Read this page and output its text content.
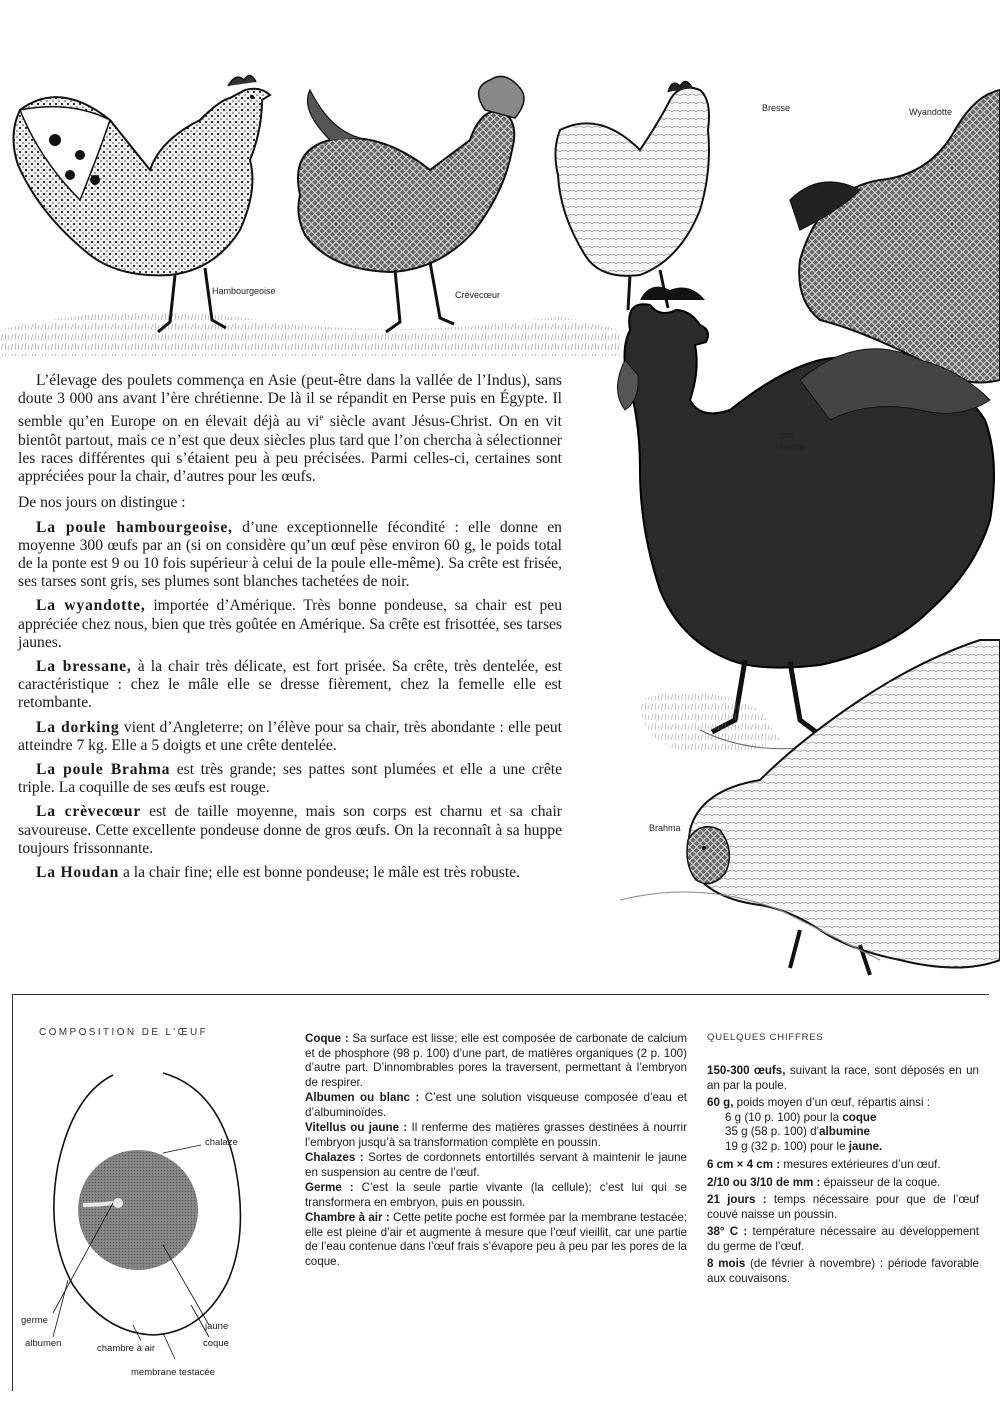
Hambourgeoise	Crèvecœur
Bresse	Wyandotte
coq
Houdan
Brahma

L’élevage des poulets commença en Asie (peut-être dans la vallée de l’Indus), sans doute 3 000 ans avant l’ère chrétienne. De là il se répandit en Perse puis en Égypte. Il semble qu’en Europe on en élevait déjà au $vi^e$ siècle avant Jésus-Christ. On en vit bientôt partout, mais ce n’est que deux siècles plus tard que l’on chercha à sélectionner les races différentes qui s’étaient peu à peu précisées. Parmi celles-ci, certaines sont appréciées pour la chair, d’autres pour les œufs.

De nos jours on distingue :

La poule hambourgeoise, d’une exceptionnelle fécondité : elle donne en moyenne 300 œufs par an (si on considère qu’un œuf pèse environ 60 g, le poids total de la ponte est 9 ou 10 fois supérieur à celui de la poule elle-même). Sa crête est frisée, ses tarses sont gris, ses plumes sont blanches tachetées de noir.

La wyandotte, importée d’Amérique. Très bonne pondeuse, sa chair est peu appréciée chez nous, bien que très goûtée en Amérique. Sa crête est frisottée, ses tarses jaunes.

La bressane, à la chair très délicate, est fort prisée. Sa crête, très dentelée, est caractéristique : chez le mâle elle se dresse fièrement, chez la femelle elle est retombante.

La dorking vient d’Angleterre; on l’élève pour sa chair, très abondante : elle peut atteindre 7 kg. Elle a 5 doigts et une crête dentelée.

La poule Brahma est très grande; ses pattes sont plumées et elle a une crête triple. La coquille de ses œufs est rouge.

La crèvecœur est de taille moyenne, mais son corps est charnu et sa chair savoureuse. Cette excellente pondeuse donne de gros œufs. On la reconnaît à sa huppe toujours frissonnante.

La Houdan a la chair fine; elle est bonne pondeuse; le mâle est très robuste.

COMPOSITION DE L’ŒUF
chalaze
germe
albumen	chambre à air
jaune
coque
membrane testacée

Coque : Sa surface est lisse; elle est composée de carbonate de calcium et de phosphore (98 p. 100) d’une part, de matières organiques (2 p. 100) d’autre part. D’innombrables pores la traversent, permettant à l’embryon de respirer.

Albumen ou blanc : C’est une solution visqueuse composée d’eau et d’albuminoïdes.

Vitellus ou jaune : Il renferme des matières grasses destinées à nourrir l’embryon jusqu’à sa transformation complète en poussin.

Chalazes : Sortes de cordonnets entortillés servant à maintenir le jaune en suspension au centre de l’œuf.

Germe : C’est la seule partie vivante (la cellule); c’est lui qui se transformera en embryon, puis en poussin.

Chambre à air : Cette petite poche est formée par la membrane testacée; elle est pleine d’air et augmente à mesure que l’œuf vieillit, car une partie de l’eau contenue dans l’œuf frais s’évapore peu à peu par les pores de la coque.

QUELQUES CHIFFRES

150-300 œufs, suivant la race, sont déposés en un an par la poule.

60 g, poids moyen d’un œuf, répartis ainsi :

6 g (10 p. 100) pour la coque

35 g (58 p. 100) d’albumine

19 g (32 p. 100) pour le jaune.

6 cm × 4 cm : mesures extérieures d’un œuf.

2/10 ou 3/10 de mm : épaisseur de la coque.

21 jours : temps nécessaire pour que de l’œuf couvé naisse un poussin.

38° C : température nécessaire au développement du germe de l’œuf.

8 mois (de février à novembre) : période favorable aux couvaisons.
